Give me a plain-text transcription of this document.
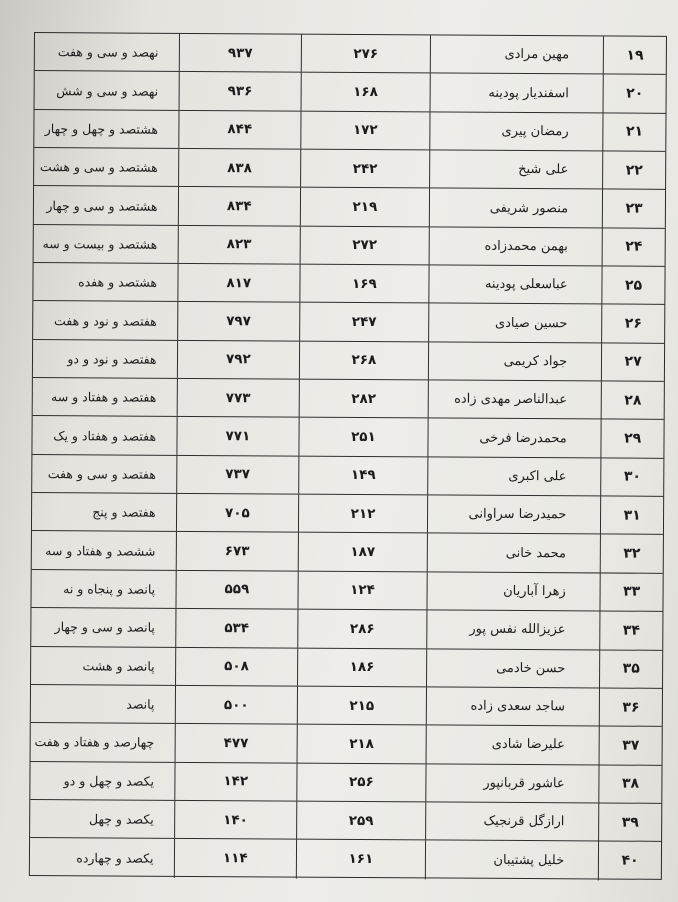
۱۹
مهین مرادی
۲۷۶
۹۳۷
نهصد و سی و هفت
۲۰
اسفندیار پودینه
۱۶۸
۹۳۶
نهصد و سی و شش
۲۱
رمضان پیری
۱۷۲
۸۴۴
هشتصد و چهل و چهار
۲۲
علی شیخ
۲۴۲
۸۳۸
هشتصد و سی و هشت
۲۳
منصور شریفی
۲۱۹
۸۳۴
هشتصد و سی و چهار
۲۴
بهمن محمدزاده
۲۷۲
۸۲۳
هشتصد و بیست و سه
۲۵
عباسعلی پودینه
۱۶۹
۸۱۷
هشتصد و هفده
۲۶
حسین صیادی
۲۴۷
۷۹۷
هفتصد و نود و هفت
۲۷
جواد کریمی
۲۶۸
۷۹۲
هفتصد و نود و دو
۲۸
عبدالناصر مهدی زاده
۲۸۲
۷۷۳
هفتصد و هفتاد و سه
۲۹
محمدرضا فرخی
۲۵۱
۷۷۱
هفتصد و هفتاد و یک
۳۰
علی اکبری
۱۴۹
۷۳۷
هفتصد و سی و هفت
۳۱
حمیدرضا سراوانی
۲۱۲
۷۰۵
هفتصد و پنج
۳۲
محمد خانی
۱۸۷
۶۷۳
ششصد و هفتاد و سه
۳۳
زهرا آباریان
۱۲۴
۵۵۹
پانصد و پنجاه و نه
۳۴
عزیزالله نفس پور
۲۸۶
۵۳۴
پانصد و سی و چهار
۳۵
حسن خادمی
۱۸۶
۵۰۸
پانصد و هشت
۳۶
ساجد سعدی زاده
۲۱۵
۵۰۰
پانصد
۳۷
علیرضا شادی
۲۱۸
۴۷۷
چهارصد و هفتاد و هفت
۳۸
عاشور قربانپور
۲۵۶
۱۴۲
یکصد و چهل و دو
۳۹
ارازگل قرنجیک
۲۵۹
۱۴۰
یکصد و چهل
۴۰
خلیل پشتیبان
۱۶۱
۱۱۴
یکصد و چهارده
